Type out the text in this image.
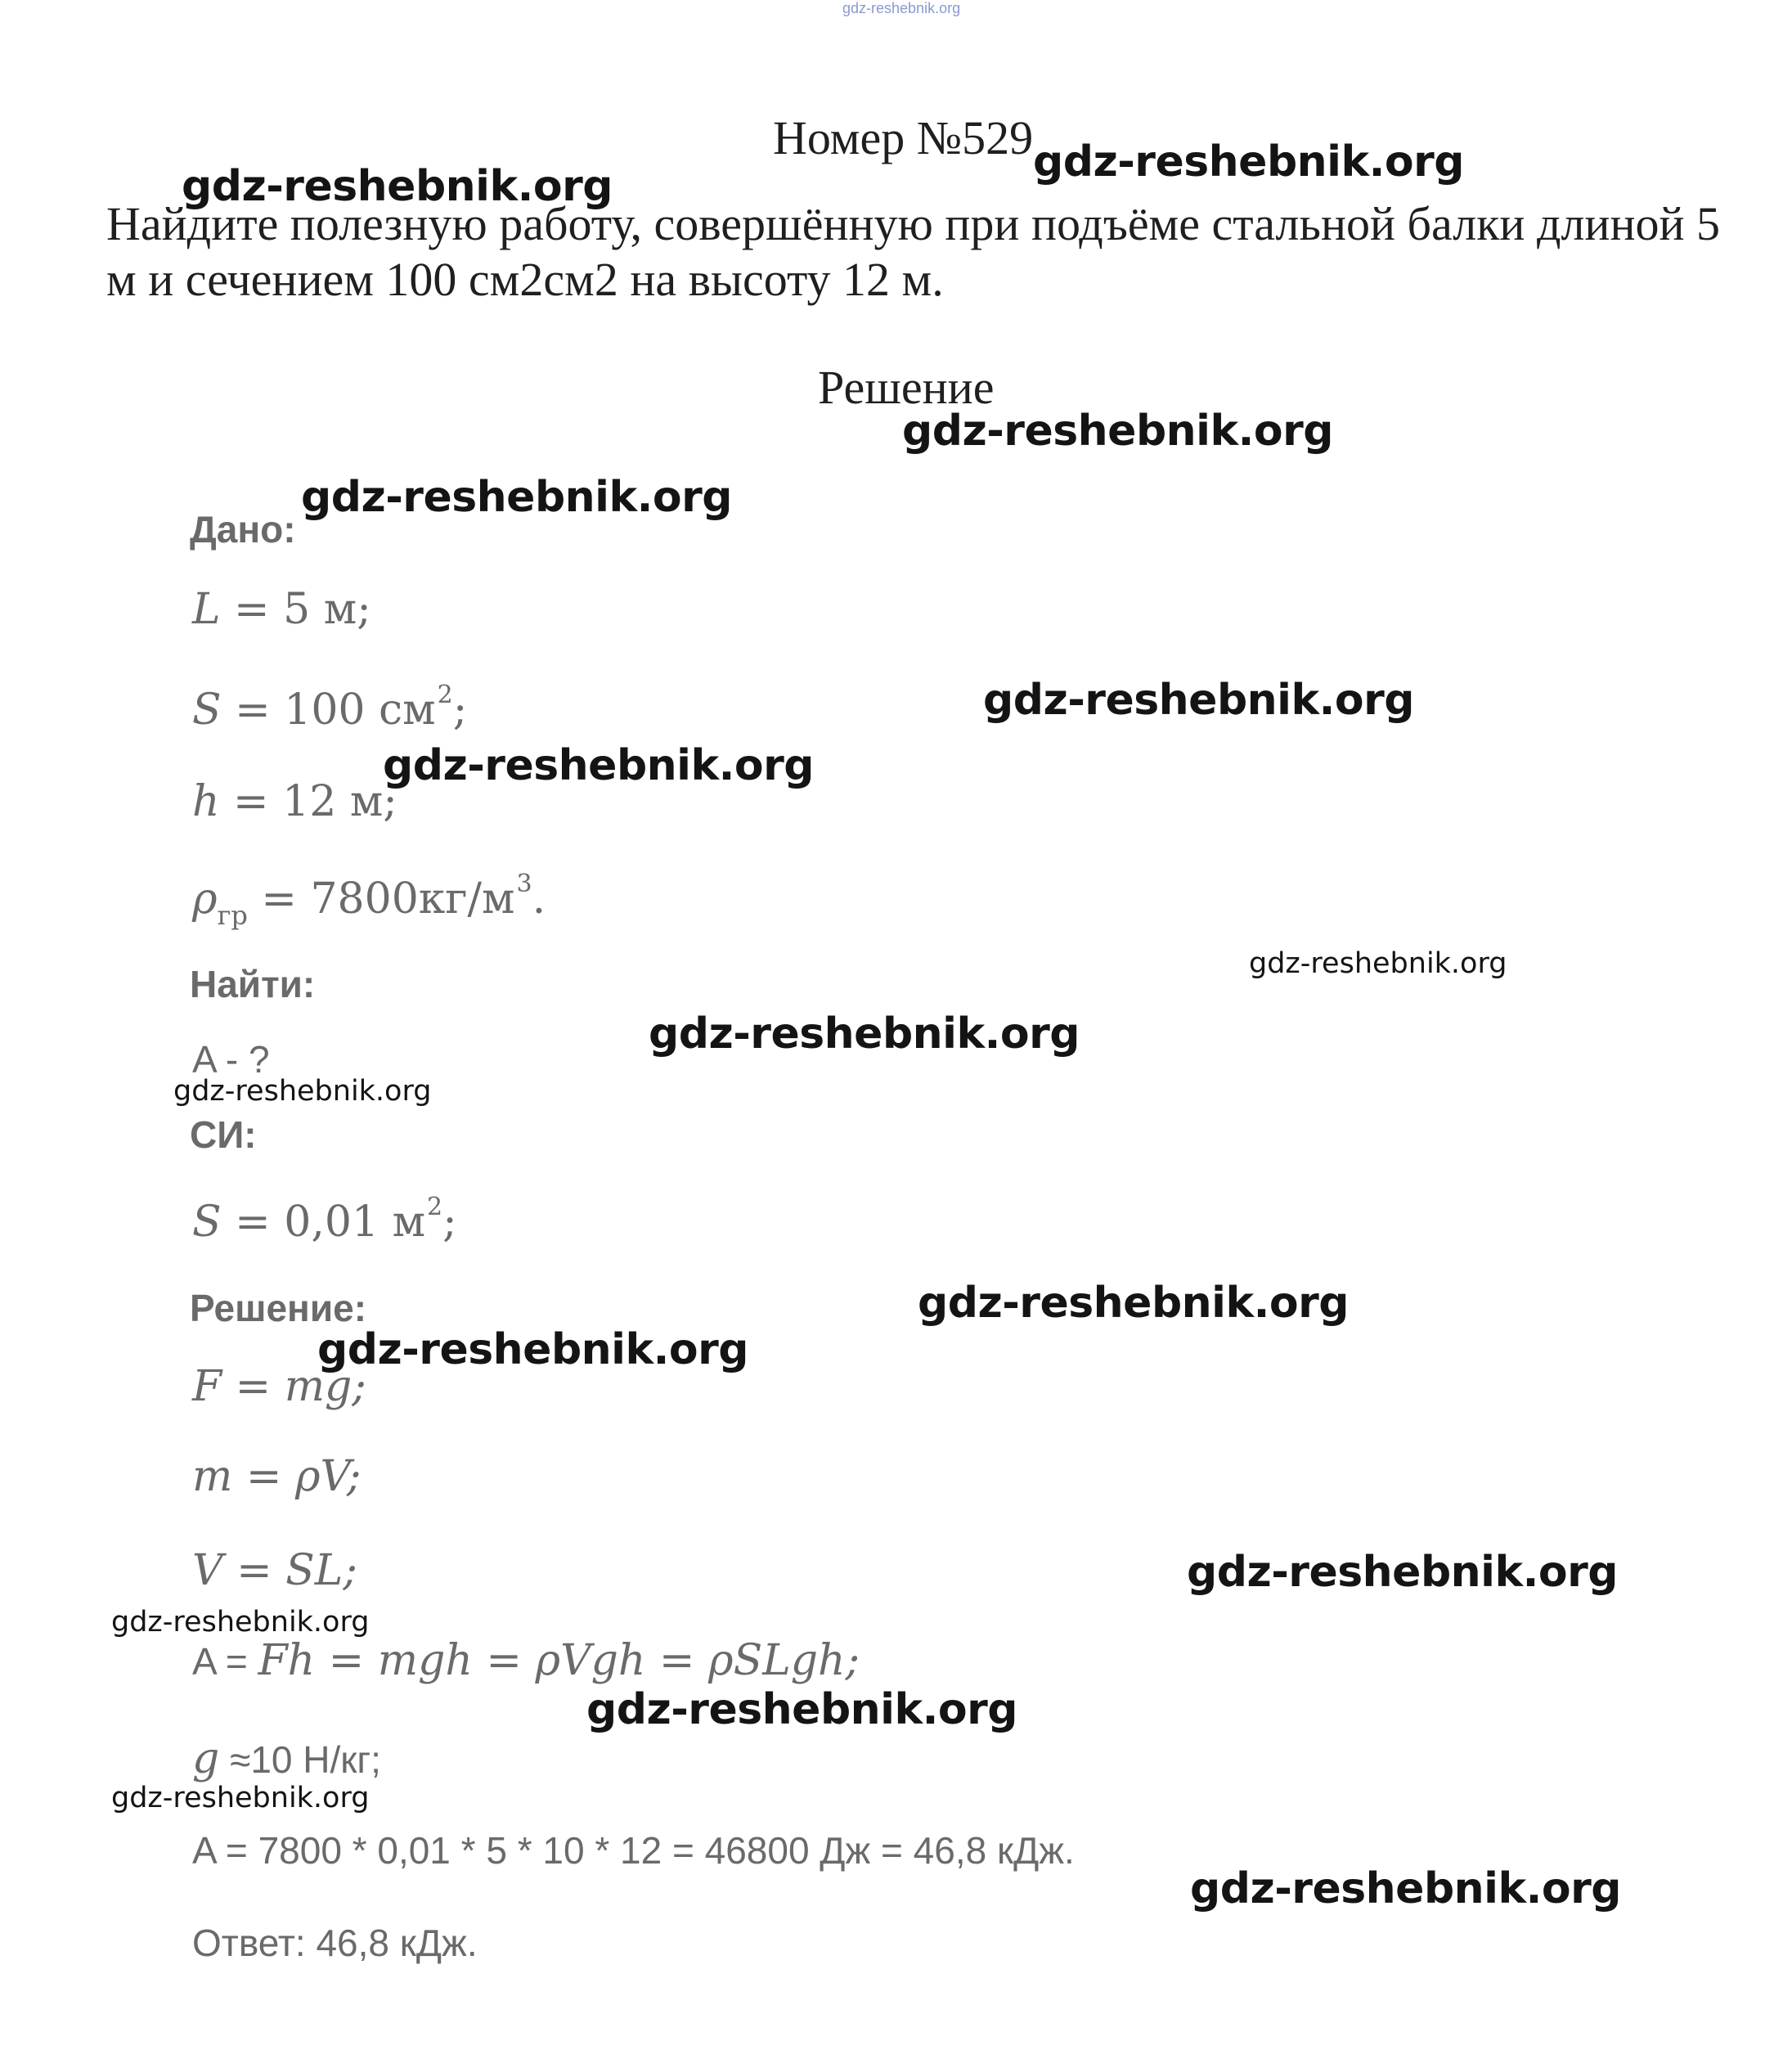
gdz-reshebnik.org
Номер №529
Найдите полезную работу, совершённую при подъёме стальной балки длиной 5 м и сечением 100 см2см2 на высоту 12 м.
Решение
Дано:
L = 5 м;
S = 100 $см^2$;
h = 12 м;
$\rho_{гр} = 7800кг/м^3$.
Найти:
A - ?
СИ:
S = 0,01 $м^2$;
Решение:
F = mg;
m = ρV;
V = SL;
A = Fh = mgh = ρVgh = ρSLgh;
g ≈10 Н/кг;
A = 7800 * 0,01 * 5 * 10 * 12 = 46800 Дж = 46,8 кДж.
Ответ: 46,8 кДж.
gdz-reshebnik.org	gdz-reshebnik.org
gdz-reshebnik.org
gdz-reshebnik.org
gdz-reshebnik.org
gdz-reshebnik.org
gdz-reshebnik.org
gdz-reshebnik.org
gdz-reshebnik.org
gdz-reshebnik.org
gdz-reshebnik.org
gdz-reshebnik.org
gdz-reshebnik.org
gdz-reshebnik.org
gdz-reshebnik.org
gdz-reshebnik.org
